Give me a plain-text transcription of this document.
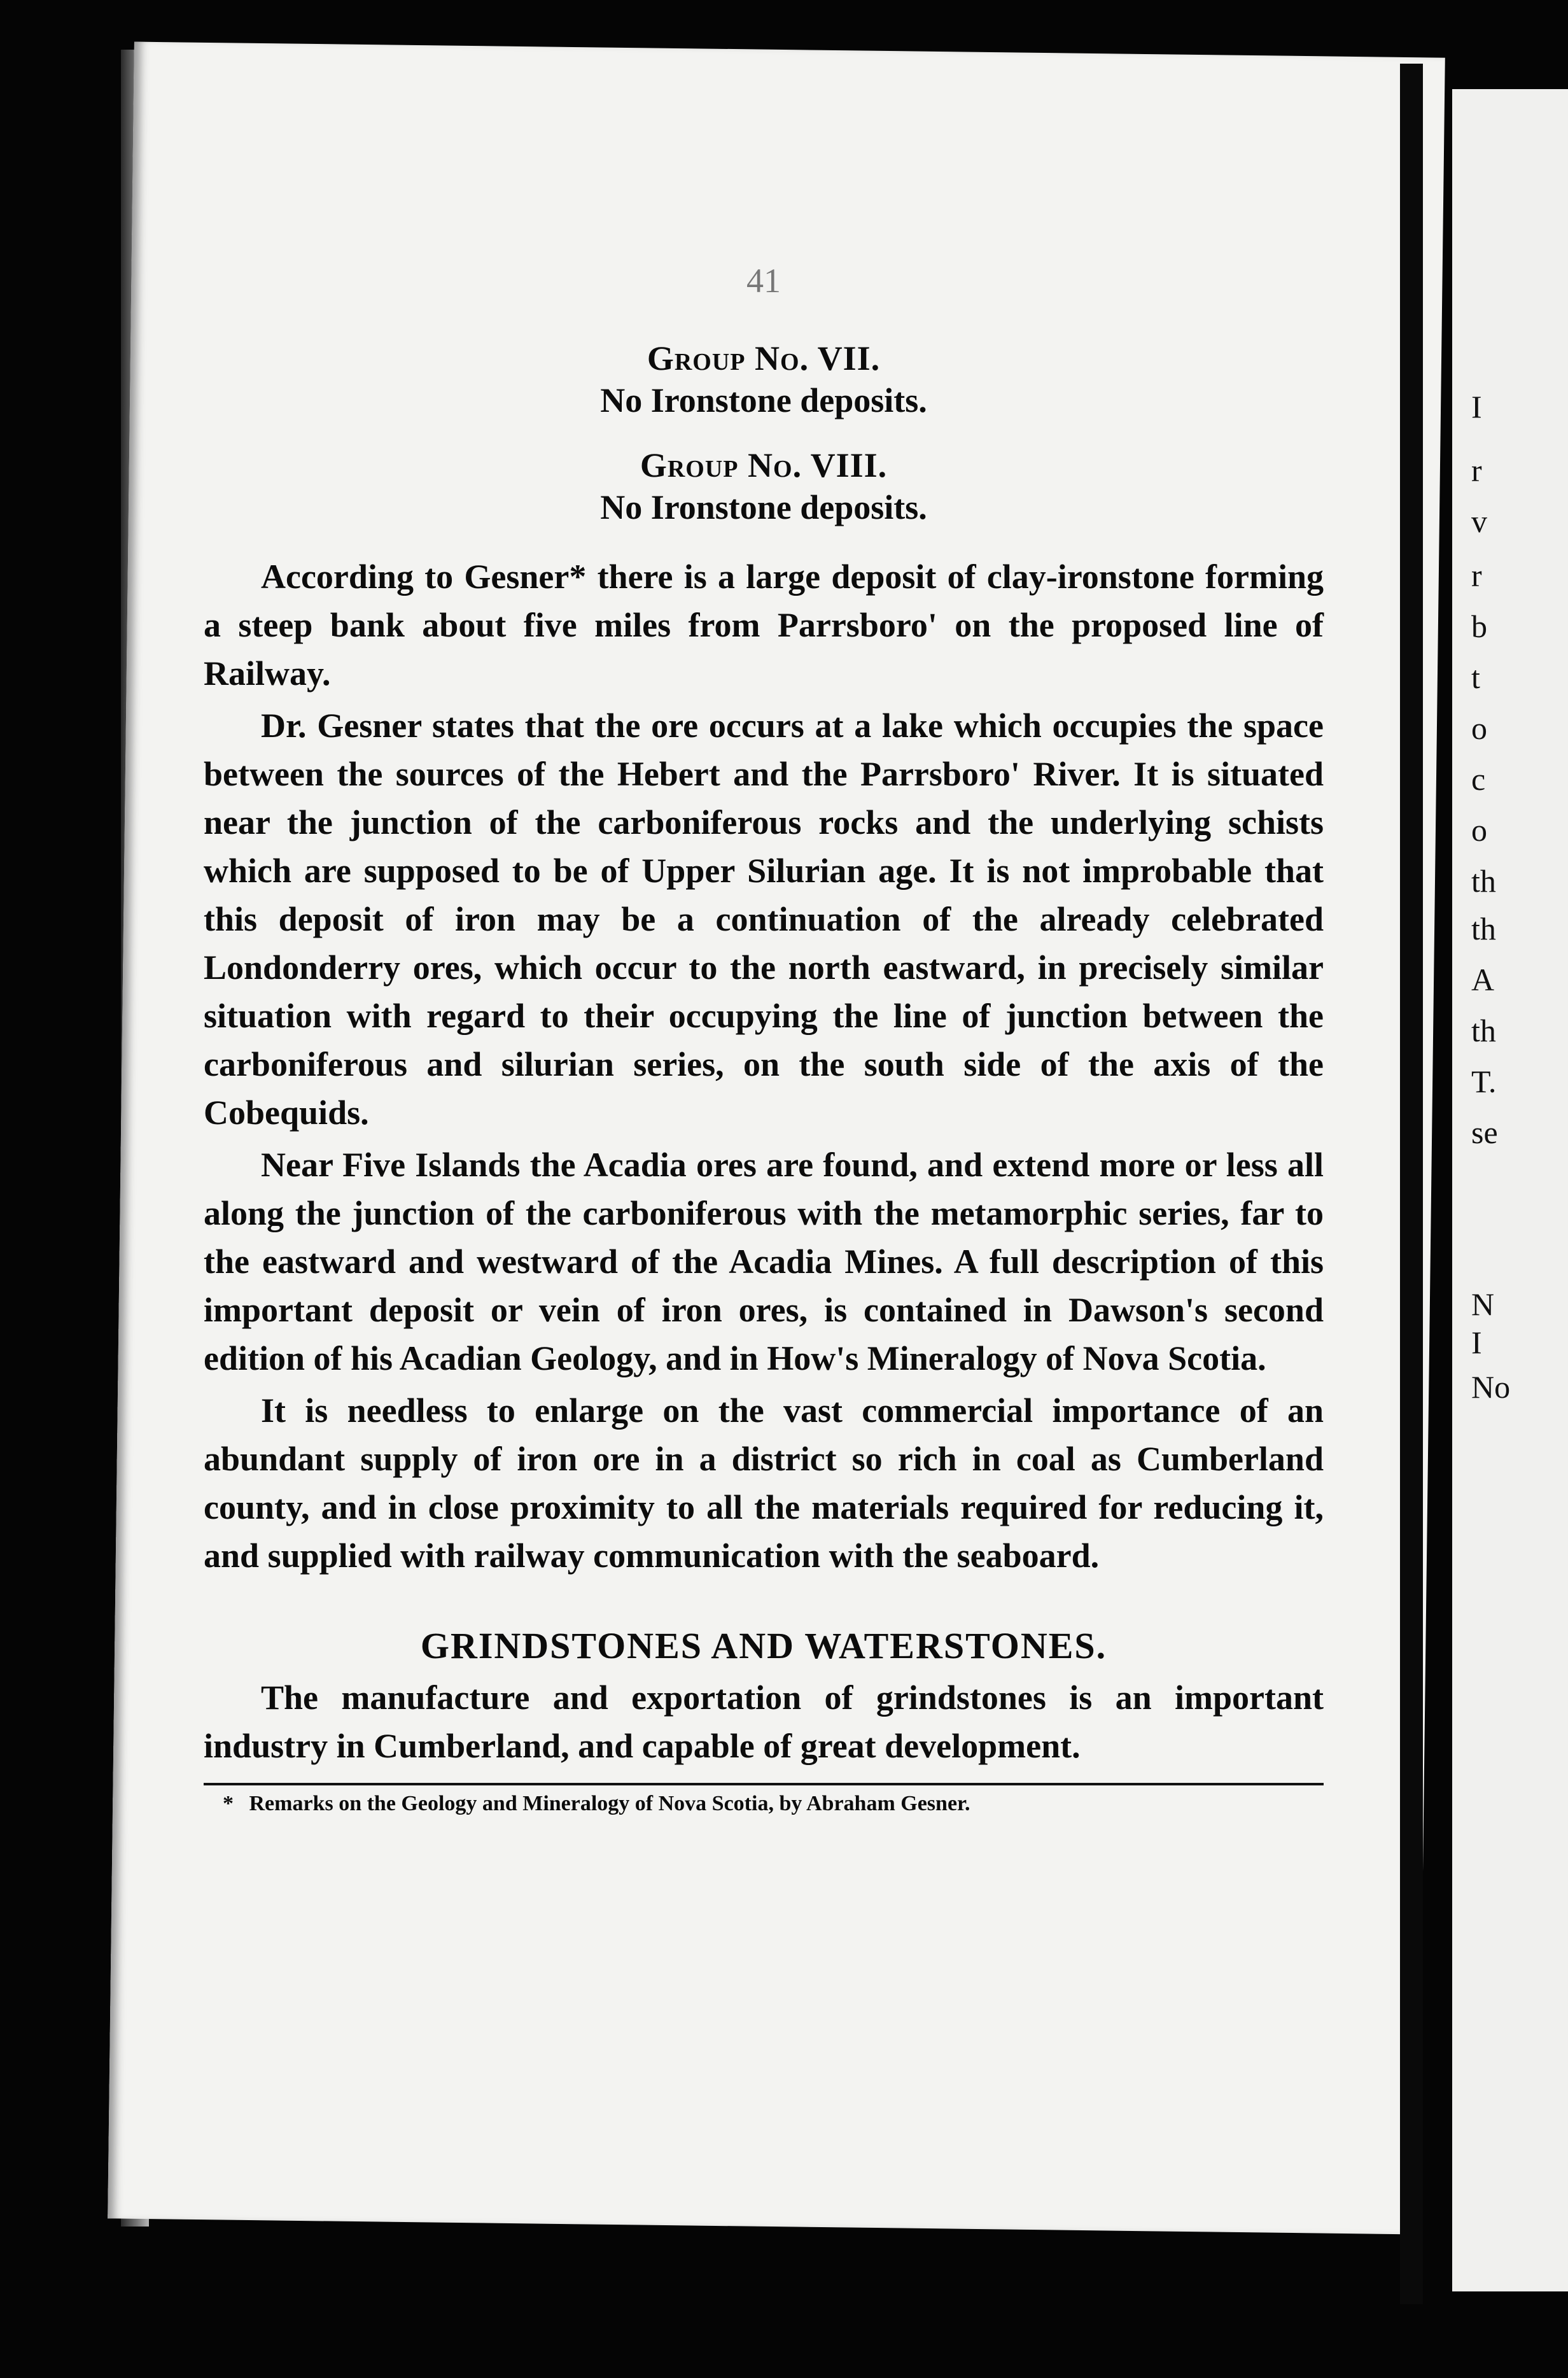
41
Group No. VII.
No Ironstone deposits.
Group No. VIII.
No Ironstone deposits.

According to Gesner* there is a large deposit of clay-ironstone forming a steep bank about five miles from Parrsboro' on the proposed line of Railway.

Dr. Gesner states that the ore occurs at a lake which occupies the space between the sources of the Hebert and the Parrsboro' River. It is situated near the junction of the carboniferous rocks and the underlying schists which are supposed to be of Upper Silurian age. It is not improbable that this deposit of iron may be a continuation of the already celebrated Londonderry ores, which occur to the north eastward, in precisely similar situation with regard to their occupying the line of junction between the carboniferous and silurian series, on the south side of the axis of the Cobequids.

Near Five Islands the Acadia ores are found, and extend more or less all along the junction of the carboniferous with the metamorphic series, far to the eastward and westward of the Acadia Mines. A full description of this important deposit or vein of iron ores, is contained in Dawson's second edition of his Acadian Geology, and in How's Mineralogy of Nova Scotia.

It is needless to enlarge on the vast commercial importance of an abundant supply of iron ore in a district so rich in coal as Cumberland county, and in close proximity to all the materials required for reducing it, and supplied with railway communication with the seaboard.

GRINDSTONES AND WATERSTONES.

The manufacture and exportation of grindstones is an important industry in Cumberland, and capable of great development.

* Remarks on the Geology and Mineralogy of Nova Scotia, by Abraham Gesner.
I
r
v
r
b
t
o
c
o
th
th
A
th
T.
se
N
I
No
